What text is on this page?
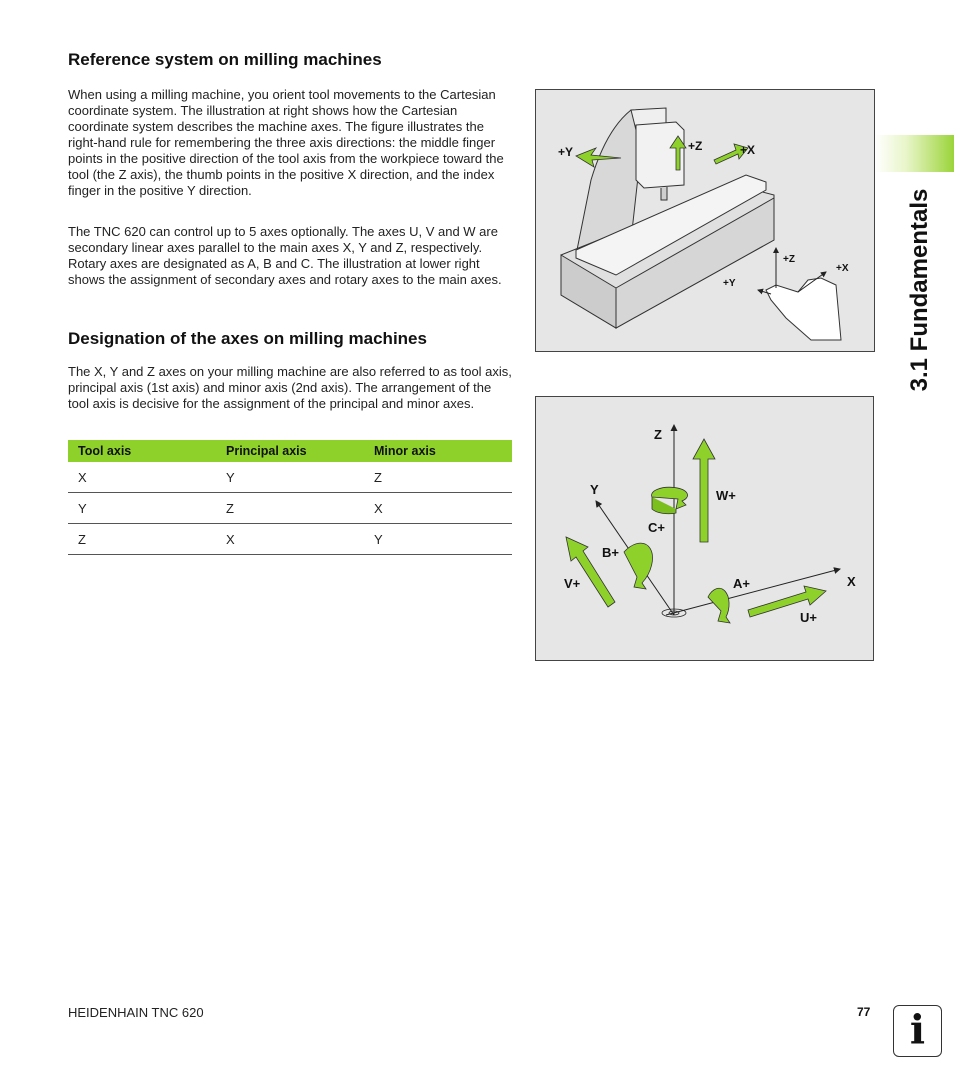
3.1 Fundamentals
Reference system on milling machines

When using a milling machine, you orient tool movements to the Cartesian coordinate system. The illustration at right shows how the Cartesian coordinate system describes the machine axes. The figure illustrates the right-hand rule for remembering the three axis directions: the middle finger points in the positive direction of the tool axis from the workpiece toward the tool (the Z axis), the thumb points in the positive X direction, and the index finger in the positive Y direction.

The TNC 620 can control up to 5 axes optionally. The axes U, V and W are secondary linear axes parallel to the main axes X, Y and Z, respectively. Rotary axes are designated as A, B and C. The illustration at lower right shows the assignment of secondary axes and rotary axes to the main axes.

Designation of the axes on milling machines

The X, Y and Z axes on your milling machine are also referred to as tool axis, principal axis (1st axis) and minor axis (2nd axis). The arrangement of the tool axis is decisive for the assignment of the principal and minor axes.

Tool axis	Principal axis	Minor axis
X	Y	Z
Y	Z	X
Z	X	Y
+Y	+Z	+X
+Z
+X
+Y
Z
Y
X
W+
C+
B+
V+	A+
U+
HEIDENHAIN TNC 620	77 i
